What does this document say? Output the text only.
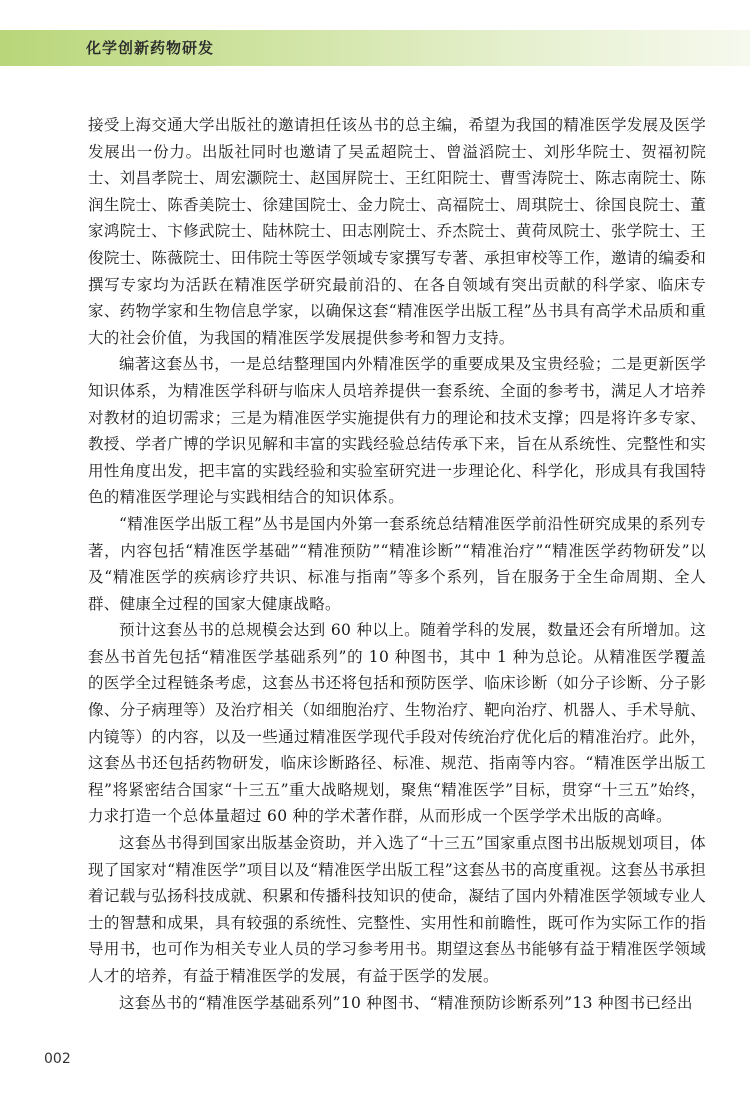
化学创新药物研发

接受上海交通大学出版社的邀请担任该丛书的总主编，希望为我国的精准医学发展及医学发展出一份力。出版社同时也邀请了吴孟超院士、曾溢滔院士、刘彤华院士、贺福初院士、刘昌孝院士、周宏灏院士、赵国屏院士、王红阳院士、曹雪涛院士、陈志南院士、陈润生院士、陈香美院士、徐建国院士、金力院士、高福院士、周琪院士、徐国良院士、董家鸿院士、卞修武院士、陆林院士、田志刚院士、乔杰院士、黄荷凤院士、张学院士、王俊院士、陈薇院士、田伟院士等医学领域专家撰写专著、承担审校等工作，邀请的编委和撰写专家均为活跃在精准医学研究最前沿的、在各自领域有突出贡献的科学家、临床专家、药物学家和生物信息学家，以确保这套“精准医学出版工程”丛书具有高学术品质和重大的社会价值，为我国的精准医学发展提供参考和智力支持。

编著这套丛书，一是总结整理国内外精准医学的重要成果及宝贵经验；二是更新医学知识体系，为精准医学科研与临床人员培养提供一套系统、全面的参考书，满足人才培养对教材的迫切需求；三是为精准医学实施提供有力的理论和技术支撑；四是将许多专家、教授、学者广博的学识见解和丰富的实践经验总结传承下来，旨在从系统性、完整性和实用性角度出发，把丰富的实践经验和实验室研究进一步理论化、科学化，形成具有我国特色的精准医学理论与实践相结合的知识体系。

“精准医学出版工程”丛书是国内外第一套系统总结精准医学前沿性研究成果的系列专著，内容包括“精准医学基础”“精准预防”“精准诊断”“精准治疗”“精准医学药物研发”以及“精准医学的疾病诊疗共识、标准与指南”等多个系列，旨在服务于全生命周期、全人群、健康全过程的国家大健康战略。

预计这套丛书的总规模会达到 60 种以上。随着学科的发展，数量还会有所增加。这套丛书首先包括“精准医学基础系列”的 10 种图书，其中 1 种为总论。从精准医学覆盖的医学全过程链条考虑，这套丛书还将包括和预防医学、临床诊断（如分子诊断、分子影像、分子病理等）及治疗相关（如细胞治疗、生物治疗、靶向治疗、机器人、手术导航、内镜等）的内容，以及一些通过精准医学现代手段对传统治疗优化后的精准治疗。此外，这套丛书还包括药物研发，临床诊断路径、标准、规范、指南等内容。“精准医学出版工程”将紧密结合国家“十三五”重大战略规划，聚焦“精准医学”目标，贯穿“十三五”始终，力求打造一个总体量超过 60 种的学术著作群，从而形成一个医学学术出版的高峰。

这套丛书得到国家出版基金资助，并入选了“十三五”国家重点图书出版规划项目，体现了国家对“精准医学”项目以及“精准医学出版工程”这套丛书的高度重视。这套丛书承担着记载与弘扬科技成就、积累和传播科技知识的使命，凝结了国内外精准医学领域专业人士的智慧和成果，具有较强的系统性、完整性、实用性和前瞻性，既可作为实际工作的指导用书，也可作为相关专业人员的学习参考用书。期望这套丛书能够有益于精准医学领域人才的培养，有益于精准医学的发展，有益于医学的发展。

这套丛书的“精准医学基础系列”10 种图书、“精准预防诊断系列”13 种图书已经出

002
